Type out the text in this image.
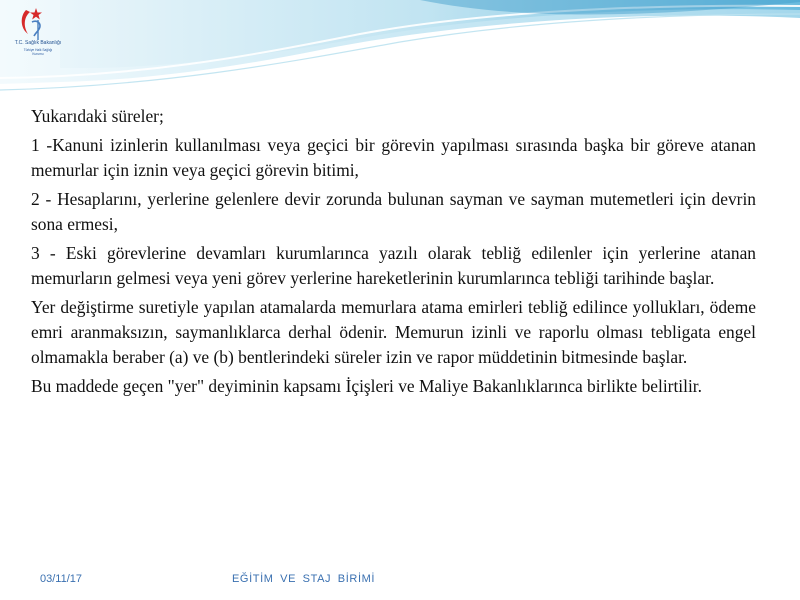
T.C. Sağlık Bakanlığı
Türkiye Halk Sağlığı
Kurumu

Yukarıdaki süreler;

1 -Kanuni izinlerin kullanılması veya geçici bir görevin yapılması sırasında başka bir göreve atanan memurlar için iznin veya geçici görevin bitimi,

2 - Hesaplarını, yerlerine gelenlere devir zorunda bulunan sayman ve sayman mutemetleri için devrin sona ermesi,

3 - Eski görevlerine devamları kurumlarınca yazılı olarak tebliğ edilenler için yerlerine atanan memurların gelmesi veya yeni görev yerlerine hareketlerinin kurumlarınca tebliği tarihinde başlar.

Yer değiştirme suretiyle yapılan atamalarda memurlara atama emirleri tebliğ edilince yollukları, ödeme emri aranmaksızın, saymanlıklarca derhal ödenir. Memurun izinli ve raporlu olması tebligata engel olmamakla beraber (a) ve (b) bentlerindeki süreler izin ve rapor müddetinin bitmesinde başlar.

Bu maddede geçen "yer" deyiminin kapsamı İçişleri ve Maliye Bakanlıklarınca birlikte belirtilir.

03/11/17	EĞİTİM VE STAJ BİRİMİ
